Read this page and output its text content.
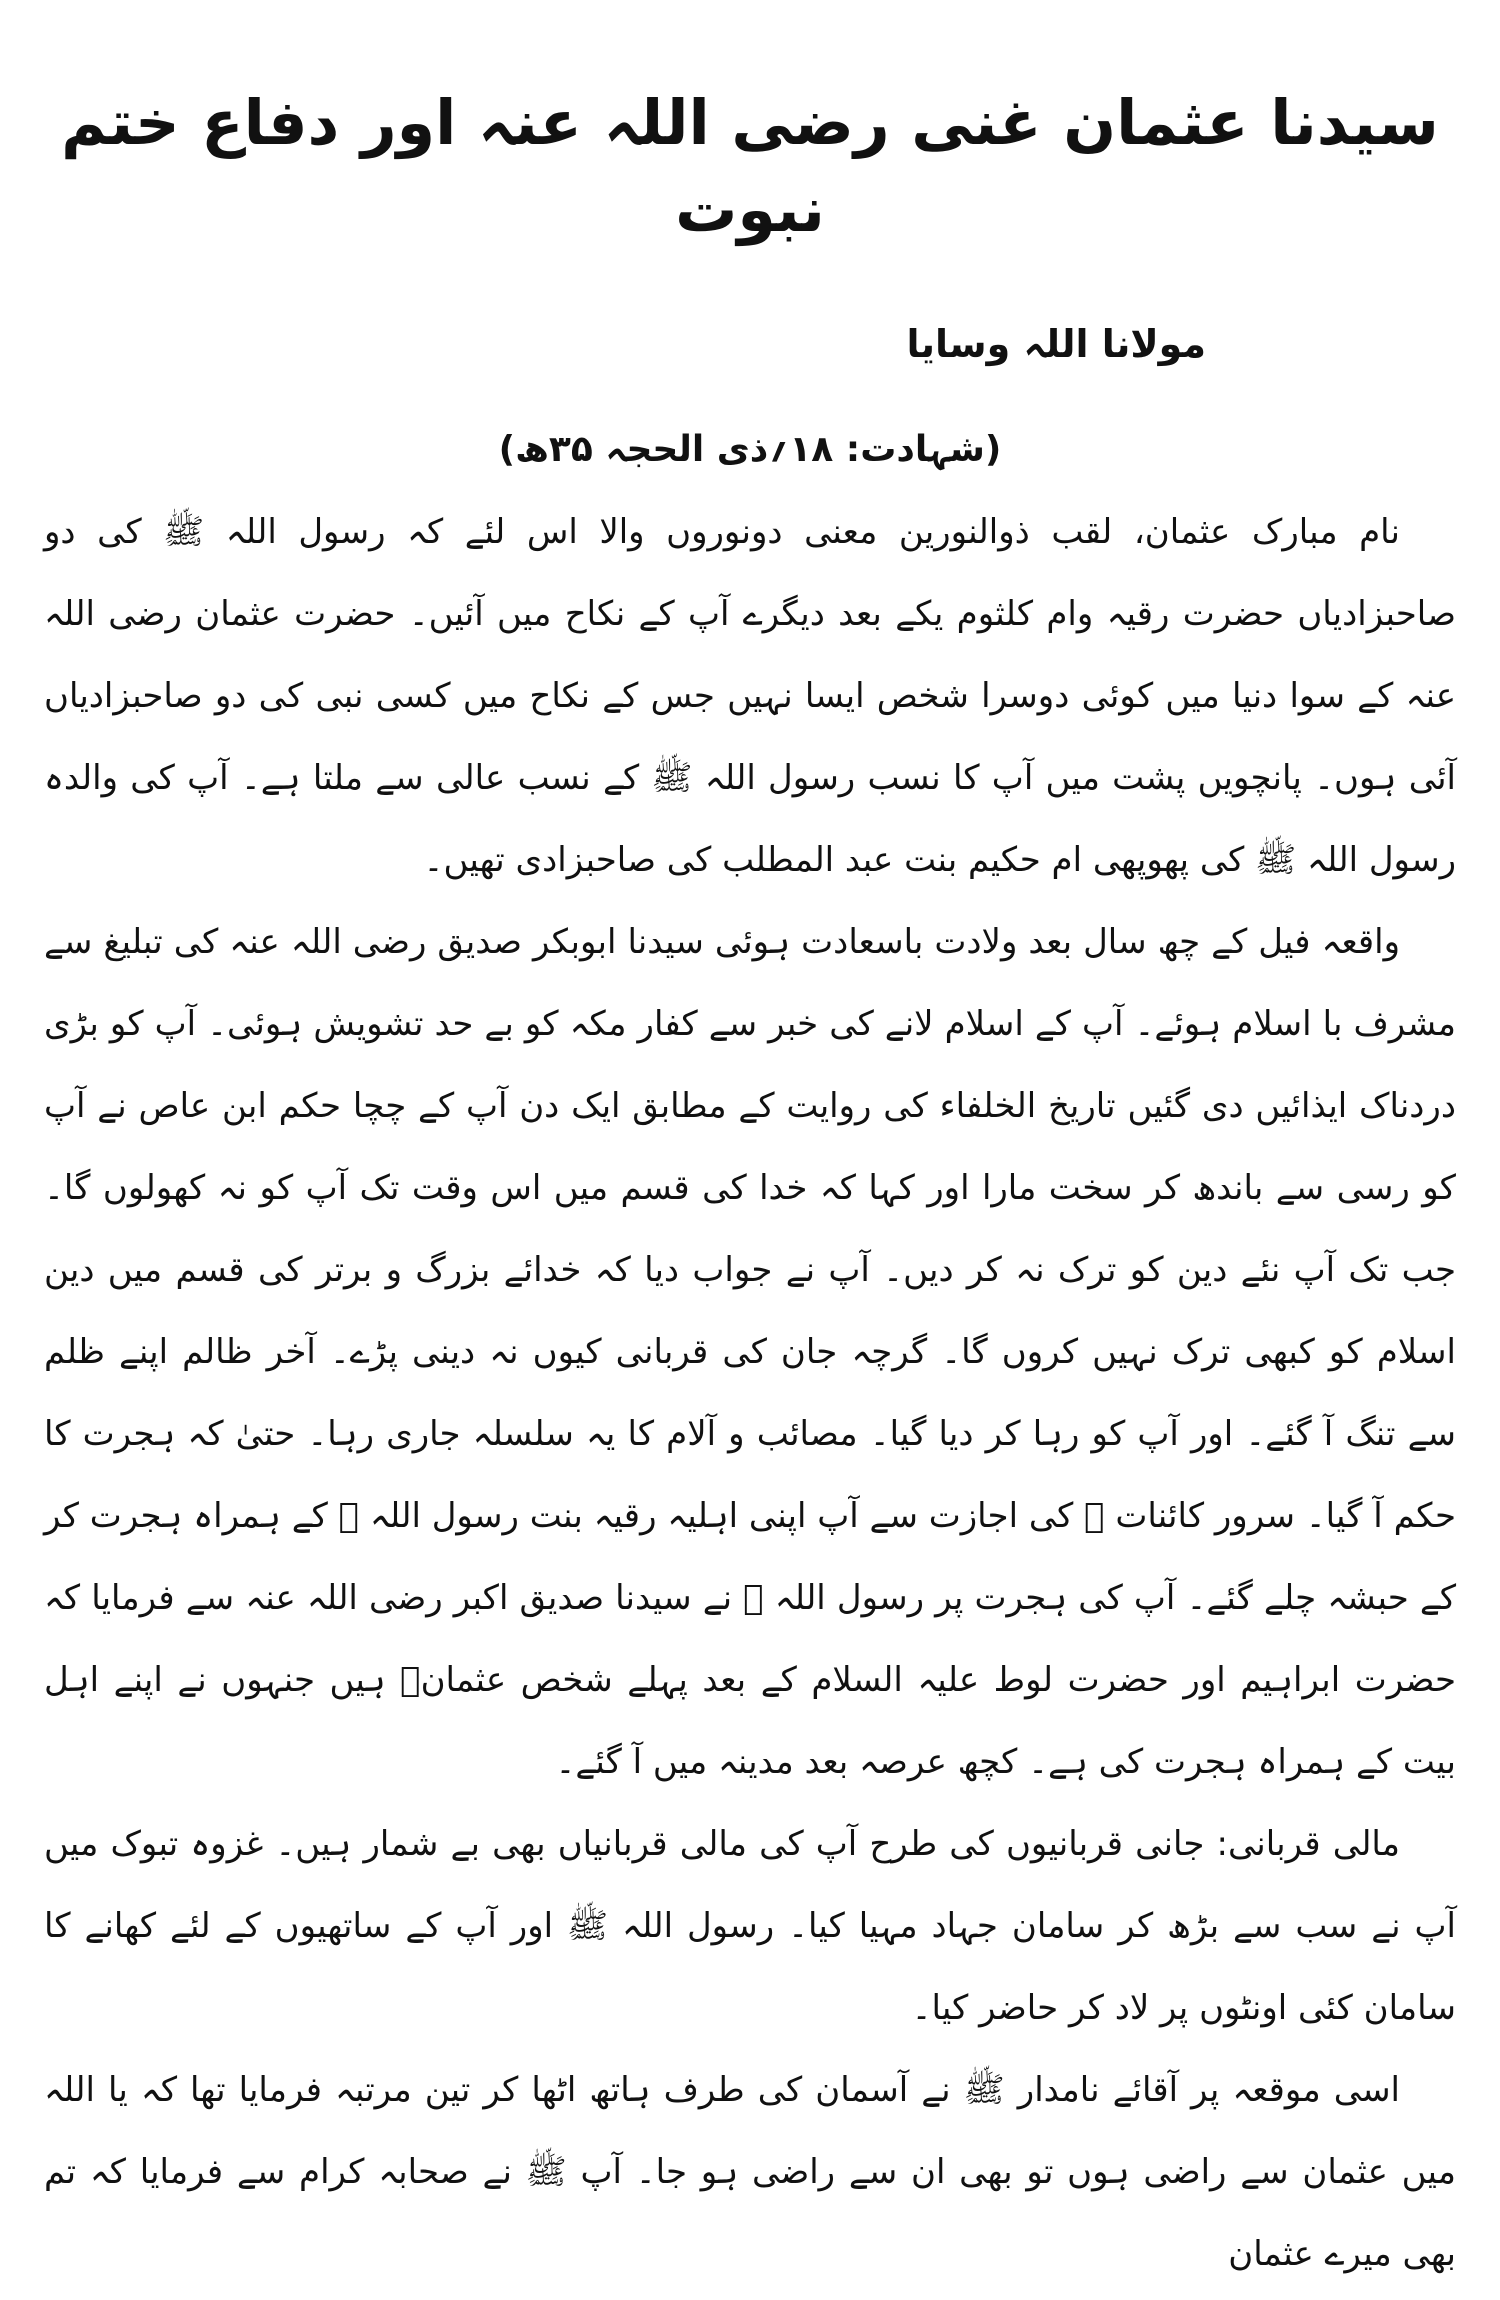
سیدنا عثمان غنی رضی اللہ عنہ اور دفاع ختم نبوت
مولانا اللہ وسایا
(شہادت: ۱۸؍ذی الحجہ ۳۵ھ)

نام مبارک عثمان، لقب ذوالنورین معنی دونوروں والا اس لئے کہ رسول اللہ ﷺ کی دو صاحبزادیاں حضرت رقیہ وام کلثوم یکے بعد دیگرے آپ کے نکاح میں آئیں۔ حضرت عثمان رضی اللہ عنہ کے سوا دنیا میں کوئی دوسرا شخص ایسا نہیں جس کے نکاح میں کسی نبی کی دو صاحبزادیاں آئی ہوں۔ پانچویں پشت میں آپ کا نسب رسول اللہ ﷺ کے نسب عالی سے ملتا ہے۔ آپ کی والدہ رسول اللہ ﷺ کی پھوپھی ام حکیم بنت عبد المطلب کی صاحبزادی تھیں۔

واقعہ فیل کے چھ سال بعد ولادت باسعادت ہوئی سیدنا ابوبکر صدیق رضی اللہ عنہ کی تبلیغ سے مشرف با اسلام ہوئے۔ آپ کے اسلام لانے کی خبر سے کفار مکہ کو بے حد تشویش ہوئی۔ آپ کو بڑی دردناک ایذائیں دی گئیں تاریخ الخلفاء کی روایت کے مطابق ایک دن آپ کے چچا حکم ابن عاص نے آپ کو رسی سے باندھ کر سخت مارا اور کہا کہ خدا کی قسم میں اس وقت تک آپ کو نہ کھولوں گا۔ جب تک آپ نئے دین کو ترک نہ کر دیں۔ آپ نے جواب دیا کہ خدائے بزرگ و برتر کی قسم میں دین اسلام کو کبھی ترک نہیں کروں گا۔ گرچہ جان کی قربانی کیوں نہ دینی پڑے۔ آخر ظالم اپنے ظلم سے تنگ آ گئے۔ اور آپ کو رہا کر دیا گیا۔ مصائب و آلام کا یہ سلسلہ جاری رہا۔ حتیٰ کہ ہجرت کا حکم آ گیا۔ سرور کائنات ﷺ کی اجازت سے آپ اپنی اہلیہ رقیہ بنت رسول اللہ ﷺ کے ہمراہ ہجرت کر کے حبشہ چلے گئے۔ آپ کی ہجرت پر رسول اللہ ﷺ نے سیدنا صدیق اکبر رضی اللہ عنہ سے فرمایا کہ حضرت ابراہیم اور حضرت لوط علیہ السلام کے بعد پہلے شخص عثمانؓ ہیں جنہوں نے اپنے اہل بیت کے ہمراہ ہجرت کی ہے۔ کچھ عرصہ بعد مدینہ میں آ گئے۔

مالی قربانی: جانی قربانیوں کی طرح آپ کی مالی قربانیاں بھی بے شمار ہیں۔ غزوہ تبوک میں آپ نے سب سے بڑھ کر سامان جہاد مہیا کیا۔ رسول اللہ ﷺ اور آپ کے ساتھیوں کے لئے کھانے کا سامان کئی اونٹوں پر لاد کر حاضر کیا۔

اسی موقعہ پر آقائے نامدار ﷺ نے آسمان کی طرف ہاتھ اٹھا کر تین مرتبہ فرمایا تھا کہ یا اللہ میں عثمان سے راضی ہوں تو بھی ان سے راضی ہو جا۔ آپ ﷺ نے صحابہ کرام سے فرمایا کہ تم بھی میرے عثمان
